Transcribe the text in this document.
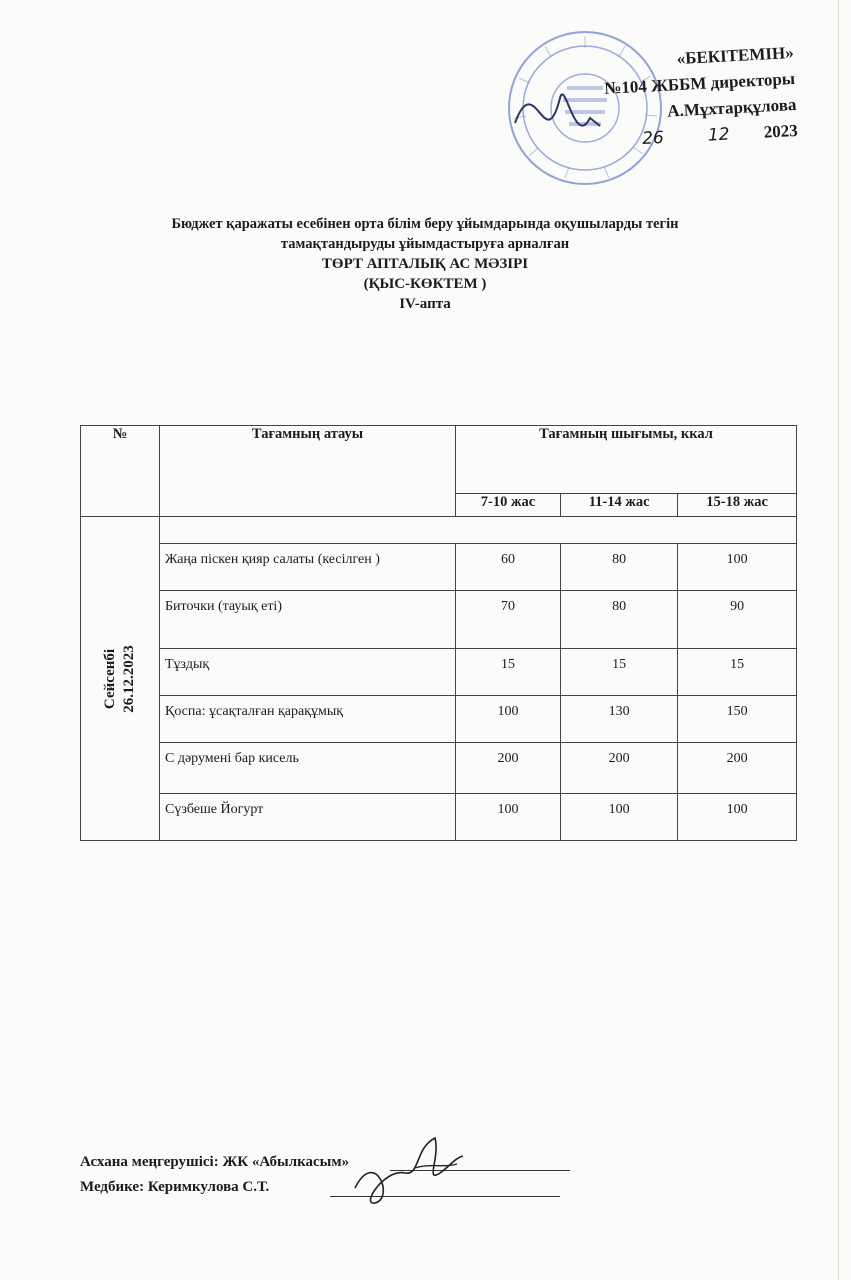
«БЕКІТЕМІН»
№104 ЖББМ директоры
А.Мұхтарқұлова
26	12 2023
Бюджет қаражаты есебінен орта білім беру ұйымдарында оқушыларды тегін
тамақтандыруды ұйымдастыруға арналған
ТӨРТ АПТАЛЫҚ АС МӘЗІРІ
(ҚЫС-КӨКТЕМ )
IV-апта
№	Тағамның атауы	Тағамның шығымы, ккал		
		7-10 жас	11-14 жас	15-18 жас

Сейсенбі 26.12.2023				

	Жаңа піскен қияр салаты (кесілген )	60	80	100
	Биточки (тауық еті)	70	80	90
	Тұздық	15	15	15
	Қоспа: ұсақталған қарақұмық	100	130	150
	С дәрумені бар кисель	200	200	200
	Сүзбеше Йогурт	100	100	100
Асхана меңгерушісі: ЖК «Абылкасым»
Медбике: Керимкулова С.Т.
